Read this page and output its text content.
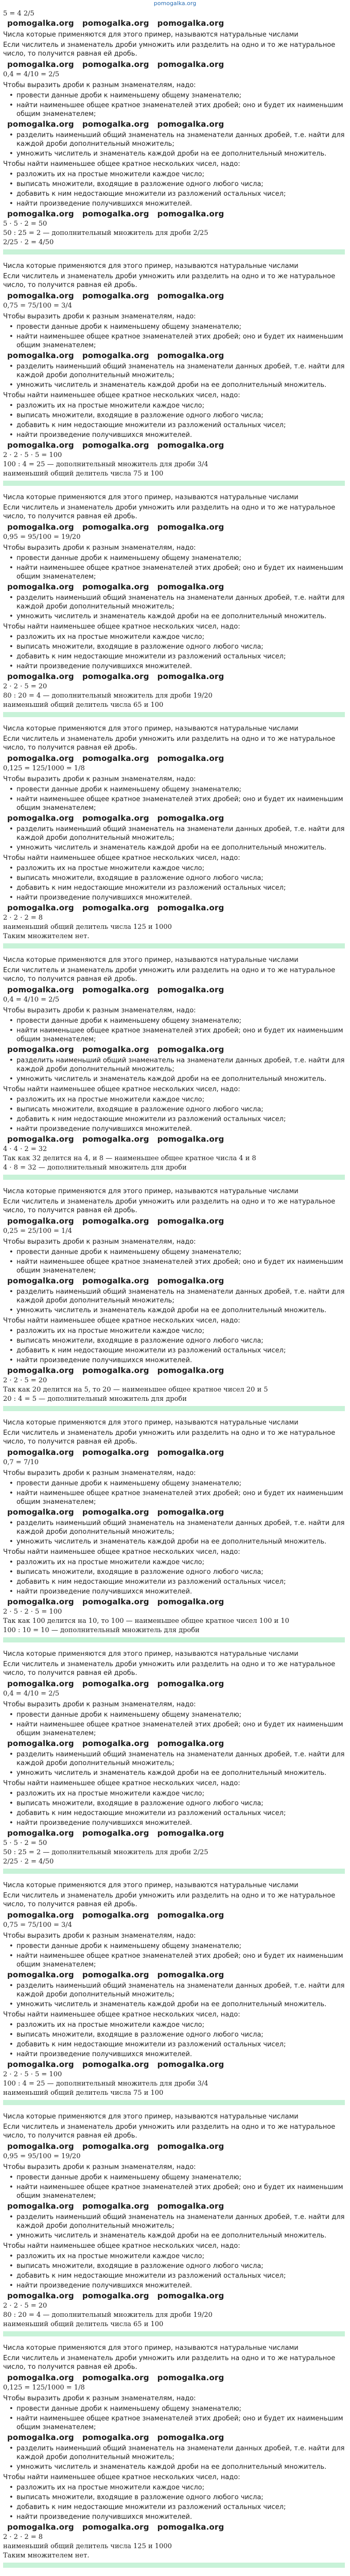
pomogalka.org
5 = 4 2/5
pomogalka.org pomogalka.org pomogalka.org
Числа которые применяются для этого пример, называются натуральные числами
Если числитель и знаменатель дроби умножить или разделить на одно и то же натуральное число, то получится равная ей дробь.
pomogalka.org pomogalka.org pomogalka.org
0,4 = 4/10 = 2/5
Чтобы выразить дроби к разным знаменателям, надо:
• провести данные дроби к наименьшему общему знаменателю;
• найти наименьшее общее кратное знаменателей этих дробей; оно и будет их наименьшим общим знаменателем;
pomogalka.org pomogalka.org pomogalka.org
• разделить наименьший общий знаменатель на знаменатели данных дробей, т.е. найти для каждой дроби дополнительный множитель;
• умножить числитель и знаменатель каждой дроби на ее дополнительный множитель.
Чтобы найти наименьшее общее кратное нескольких чисел, надо:
• разложить их на простые множители каждое число;
• выписать множители, входящие в разложение одного любого числа;
• добавить к ним недостающие множители из разложений остальных чисел;
• найти произведение получившихся множителей.
pomogalka.org pomogalka.org pomogalka.org
5 · 5 · 2 = 50
50 : 25 = 2 — дополнительный множитель для дроби 2/25
2/25 · 2 = 4/50
Числа которые применяются для этого пример, называются натуральные числами
Если числитель и знаменатель дроби умножить или разделить на одно и то же натуральное число, то получится равная ей дробь.
pomogalka.org pomogalka.org pomogalka.org
0,75 = 75/100 = 3/4
Чтобы выразить дроби к разным знаменателям, надо:
• провести данные дроби к наименьшему общему знаменателю;
• найти наименьшее общее кратное знаменателей этих дробей; оно и будет их наименьшим общим знаменателем;
pomogalka.org pomogalka.org pomogalka.org
• разделить наименьший общий знаменатель на знаменатели данных дробей, т.е. найти для каждой дроби дополнительный множитель;
• умножить числитель и знаменатель каждой дроби на ее дополнительный множитель.
Чтобы найти наименьшее общее кратное нескольких чисел, надо:
• разложить их на простые множители каждое число;
• выписать множители, входящие в разложение одного любого числа;
• добавить к ним недостающие множители из разложений остальных чисел;
• найти произведение получившихся множителей.
pomogalka.org pomogalka.org pomogalka.org
2 · 2 · 5 · 5 = 100
100 : 4 = 25 — дополнительный множитель для дроби 3/4
наименьший общий делитель числа 75 и 100
Числа которые применяются для этого пример, называются натуральные числами
Если числитель и знаменатель дроби умножить или разделить на одно и то же натуральное число, то получится равная ей дробь.
pomogalka.org pomogalka.org pomogalka.org
0,95 = 95/100 = 19/20
Чтобы выразить дроби к разным знаменателям, надо:
• провести данные дроби к наименьшему общему знаменателю;
• найти наименьшее общее кратное знаменателей этих дробей; оно и будет их наименьшим общим знаменателем;
pomogalka.org pomogalka.org pomogalka.org
• разделить наименьший общий знаменатель на знаменатели данных дробей, т.е. найти для каждой дроби дополнительный множитель;
• умножить числитель и знаменатель каждой дроби на ее дополнительный множитель.
Чтобы найти наименьшее общее кратное нескольких чисел, надо:
• разложить их на простые множители каждое число;
• выписать множители, входящие в разложение одного любого числа;
• добавить к ним недостающие множители из разложений остальных чисел;
• найти произведение получившихся множителей.
pomogalka.org pomogalka.org pomogalka.org
2 · 2 · 5 = 20
80 : 20 = 4 — дополнительный множитель для дроби 19/20
наименьший общий делитель числа 65 и 100
Числа которые применяются для этого пример, называются натуральные числами
Если числитель и знаменатель дроби умножить или разделить на одно и то же натуральное число, то получится равная ей дробь.
pomogalka.org pomogalka.org pomogalka.org
0,125 = 125/1000 = 1/8
Чтобы выразить дроби к разным знаменателям, надо:
• провести данные дроби к наименьшему общему знаменателю;
• найти наименьшее общее кратное знаменателей этих дробей; оно и будет их наименьшим общим знаменателем;
pomogalka.org pomogalka.org pomogalka.org
• разделить наименьший общий знаменатель на знаменатели данных дробей, т.е. найти для каждой дроби дополнительный множитель;
• умножить числитель и знаменатель каждой дроби на ее дополнительный множитель.
Чтобы найти наименьшее общее кратное нескольких чисел, надо:
• разложить их на простые множители каждое число;
• выписать множители, входящие в разложение одного любого числа;
• добавить к ним недостающие множители из разложений остальных чисел;
• найти произведение получившихся множителей.
pomogalka.org pomogalka.org pomogalka.org
2 · 2 · 2 = 8
наименьший общий делитель числа 125 и 1000
Таким множителем нет.
Числа которые применяются для этого пример, называются натуральные числами
Если числитель и знаменатель дроби умножить или разделить на одно и то же натуральное число, то получится равная ей дробь.
pomogalka.org pomogalka.org pomogalka.org
0,4 = 4/10 = 2/5
Чтобы выразить дроби к разным знаменателям, надо:
• провести данные дроби к наименьшему общему знаменателю;
• найти наименьшее общее кратное знаменателей этих дробей; оно и будет их наименьшим общим знаменателем;
pomogalka.org pomogalka.org pomogalka.org
• разделить наименьший общий знаменатель на знаменатели данных дробей, т.е. найти для каждой дроби дополнительный множитель;
• умножить числитель и знаменатель каждой дроби на ее дополнительный множитель.
Чтобы найти наименьшее общее кратное нескольких чисел, надо:
• разложить их на простые множители каждое число;
• выписать множители, входящие в разложение одного любого числа;
• добавить к ним недостающие множители из разложений остальных чисел;
• найти произведение получившихся множителей.
pomogalka.org pomogalka.org pomogalka.org
4 · 4 · 2 = 32
Так как 32 делится на 4, и 8 — наименьшее общее кратное числа 4 и 8
4 · 8 = 32 — дополнительный множитель для дроби
Числа которые применяются для этого пример, называются натуральные числами
Если числитель и знаменатель дроби умножить или разделить на одно и то же натуральное число, то получится равная ей дробь.
pomogalka.org pomogalka.org pomogalka.org
0,25 = 25/100 = 1/4
Чтобы выразить дроби к разным знаменателям, надо:
• провести данные дроби к наименьшему общему знаменателю;
• найти наименьшее общее кратное знаменателей этих дробей; оно и будет их наименьшим общим знаменателем;
pomogalka.org pomogalka.org pomogalka.org
• разделить наименьший общий знаменатель на знаменатели данных дробей, т.е. найти для каждой дроби дополнительный множитель;
• умножить числитель и знаменатель каждой дроби на ее дополнительный множитель.
Чтобы найти наименьшее общее кратное нескольких чисел, надо:
• разложить их на простые множители каждое число;
• выписать множители, входящие в разложение одного любого числа;
• добавить к ним недостающие множители из разложений остальных чисел;
• найти произведение получившихся множителей.
pomogalka.org pomogalka.org pomogalka.org
2 · 2 · 5 = 20
Так как 20 делится на 5, то 20 — наименьшее общее кратное чисел 20 и 5
20 : 4 = 5 — дополнительный множитель для дроби
Числа которые применяются для этого пример, называются натуральные числами
Если числитель и знаменатель дроби умножить или разделить на одно и то же натуральное число, то получится равная ей дробь.
pomogalka.org pomogalka.org pomogalka.org
0,7 = 7/10
Чтобы выразить дроби к разным знаменателям, надо:
• провести данные дроби к наименьшему общему знаменателю;
• найти наименьшее общее кратное знаменателей этих дробей; оно и будет их наименьшим общим знаменателем;
pomogalka.org pomogalka.org pomogalka.org
• разделить наименьший общий знаменатель на знаменатели данных дробей, т.е. найти для каждой дроби дополнительный множитель;
• умножить числитель и знаменатель каждой дроби на ее дополнительный множитель.
Чтобы найти наименьшее общее кратное нескольких чисел, надо:
• разложить их на простые множители каждое число;
• выписать множители, входящие в разложение одного любого числа;
• добавить к ним недостающие множители из разложений остальных чисел;
• найти произведение получившихся множителей.
pomogalka.org pomogalka.org pomogalka.org
2 · 5 · 2 · 5 = 100
Так как 100 делится на 10, то 100 — наименьшее общее кратное чисел 100 и 10
100 : 10 = 10 — дополнительный множитель для дроби
Числа которые применяются для этого пример, называются натуральные числами
Если числитель и знаменатель дроби умножить или разделить на одно и то же натуральное число, то получится равная ей дробь.
pomogalka.org pomogalka.org pomogalka.org
0,4 = 4/10 = 2/5
Чтобы выразить дроби к разным знаменателям, надо:
• провести данные дроби к наименьшему общему знаменателю;
• найти наименьшее общее кратное знаменателей этих дробей; оно и будет их наименьшим общим знаменателем;
pomogalka.org pomogalka.org pomogalka.org
• разделить наименьший общий знаменатель на знаменатели данных дробей, т.е. найти для каждой дроби дополнительный множитель;
• умножить числитель и знаменатель каждой дроби на ее дополнительный множитель.
Чтобы найти наименьшее общее кратное нескольких чисел, надо:
• разложить их на простые множители каждое число;
• выписать множители, входящие в разложение одного любого числа;
• добавить к ним недостающие множители из разложений остальных чисел;
• найти произведение получившихся множителей.
pomogalka.org pomogalka.org pomogalka.org
5 · 5 · 2 = 50
50 : 25 = 2 — дополнительный множитель для дроби 2/25
2/25 · 2 = 4/50
Числа которые применяются для этого пример, называются натуральные числами
Если числитель и знаменатель дроби умножить или разделить на одно и то же натуральное число, то получится равная ей дробь.
pomogalka.org pomogalka.org pomogalka.org
0,75 = 75/100 = 3/4
Чтобы выразить дроби к разным знаменателям, надо:
• провести данные дроби к наименьшему общему знаменателю;
• найти наименьшее общее кратное знаменателей этих дробей; оно и будет их наименьшим общим знаменателем;
pomogalka.org pomogalka.org pomogalka.org
• разделить наименьший общий знаменатель на знаменатели данных дробей, т.е. найти для каждой дроби дополнительный множитель;
• умножить числитель и знаменатель каждой дроби на ее дополнительный множитель.
Чтобы найти наименьшее общее кратное нескольких чисел, надо:
• разложить их на простые множители каждое число;
• выписать множители, входящие в разложение одного любого числа;
• добавить к ним недостающие множители из разложений остальных чисел;
• найти произведение получившихся множителей.
pomogalka.org pomogalka.org pomogalka.org
2 · 2 · 5 · 5 = 100
100 : 4 = 25 — дополнительный множитель для дроби 3/4
наименьший общий делитель числа 75 и 100
Числа которые применяются для этого пример, называются натуральные числами
Если числитель и знаменатель дроби умножить или разделить на одно и то же натуральное число, то получится равная ей дробь.
pomogalka.org pomogalka.org pomogalka.org
0,95 = 95/100 = 19/20
Чтобы выразить дроби к разным знаменателям, надо:
• провести данные дроби к наименьшему общему знаменателю;
• найти наименьшее общее кратное знаменателей этих дробей; оно и будет их наименьшим общим знаменателем;
pomogalka.org pomogalka.org pomogalka.org
• разделить наименьший общий знаменатель на знаменатели данных дробей, т.е. найти для каждой дроби дополнительный множитель;
• умножить числитель и знаменатель каждой дроби на ее дополнительный множитель.
Чтобы найти наименьшее общее кратное нескольких чисел, надо:
• разложить их на простые множители каждое число;
• выписать множители, входящие в разложение одного любого числа;
• добавить к ним недостающие множители из разложений остальных чисел;
• найти произведение получившихся множителей.
pomogalka.org pomogalka.org pomogalka.org
2 · 2 · 5 = 20
80 : 20 = 4 — дополнительный множитель для дроби 19/20
наименьший общий делитель числа 65 и 100
Числа которые применяются для этого пример, называются натуральные числами
Если числитель и знаменатель дроби умножить или разделить на одно и то же натуральное число, то получится равная ей дробь.
pomogalka.org pomogalka.org pomogalka.org
0,125 = 125/1000 = 1/8
Чтобы выразить дроби к разным знаменателям, надо:
• провести данные дроби к наименьшему общему знаменателю;
• найти наименьшее общее кратное знаменателей этих дробей; оно и будет их наименьшим общим знаменателем;
pomogalka.org pomogalka.org pomogalka.org
• разделить наименьший общий знаменатель на знаменатели данных дробей, т.е. найти для каждой дроби дополнительный множитель;
• умножить числитель и знаменатель каждой дроби на ее дополнительный множитель.
Чтобы найти наименьшее общее кратное нескольких чисел, надо:
• разложить их на простые множители каждое число;
• выписать множители, входящие в разложение одного любого числа;
• добавить к ним недостающие множители из разложений остальных чисел;
• найти произведение получившихся множителей.
pomogalka.org pomogalka.org pomogalka.org
2 · 2 · 2 = 8
наименьший общий делитель числа 125 и 1000
Таким множителем нет.
